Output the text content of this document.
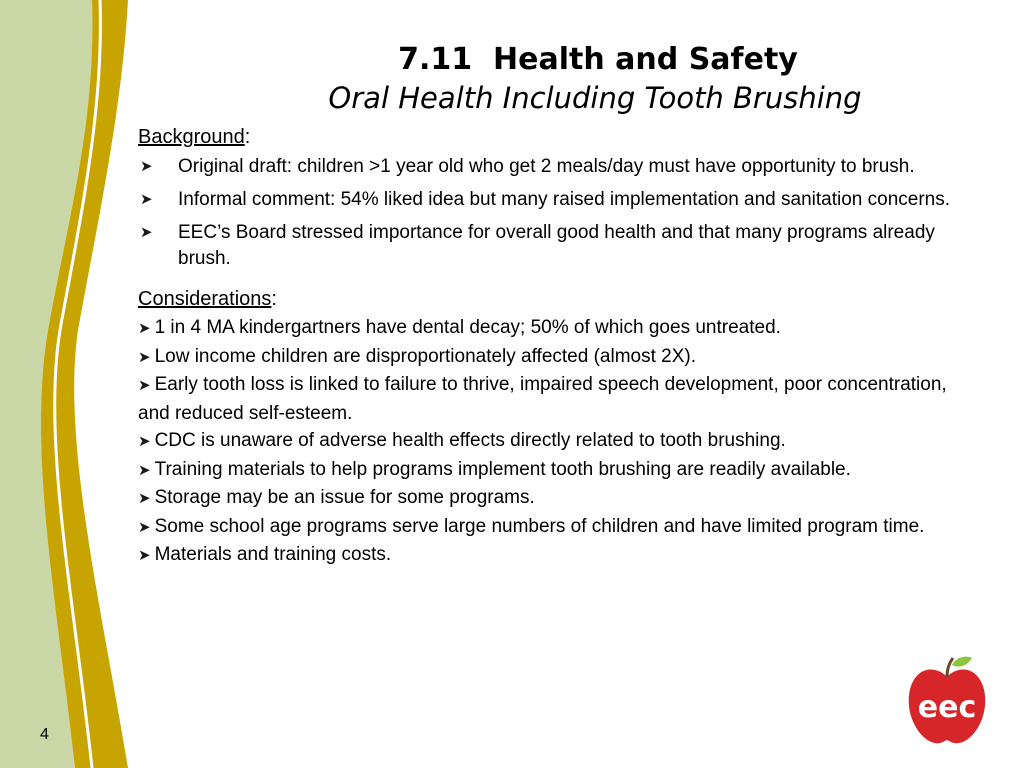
4

7.11  Health and Safety

Oral Health Including Tooth Brushing

Background:

➤ Original draft: children >1 year old who get 2 meals/day must have opportunity to brush.
➤ Informal comment: 54% liked idea but many raised implementation and sanitation concerns.
➤ EEC’s Board stressed importance for overall good health and that many programs already brush.

Considerations:

➤ 1 in 4 MA kindergartners have dental decay; 50% of which goes untreated.
➤ Low income children are disproportionately affected (almost 2X).
➤ Early tooth loss is linked to failure to thrive, impaired speech development, poor concentration, and reduced self-esteem.
➤ CDC is unaware of adverse health effects directly related to tooth brushing.
➤ Training materials to help programs implement tooth brushing are readily available.
➤ Storage may be an issue for some programs.
➤ Some school age programs serve large numbers of children and have limited program time.
➤ Materials and training costs.
eec
